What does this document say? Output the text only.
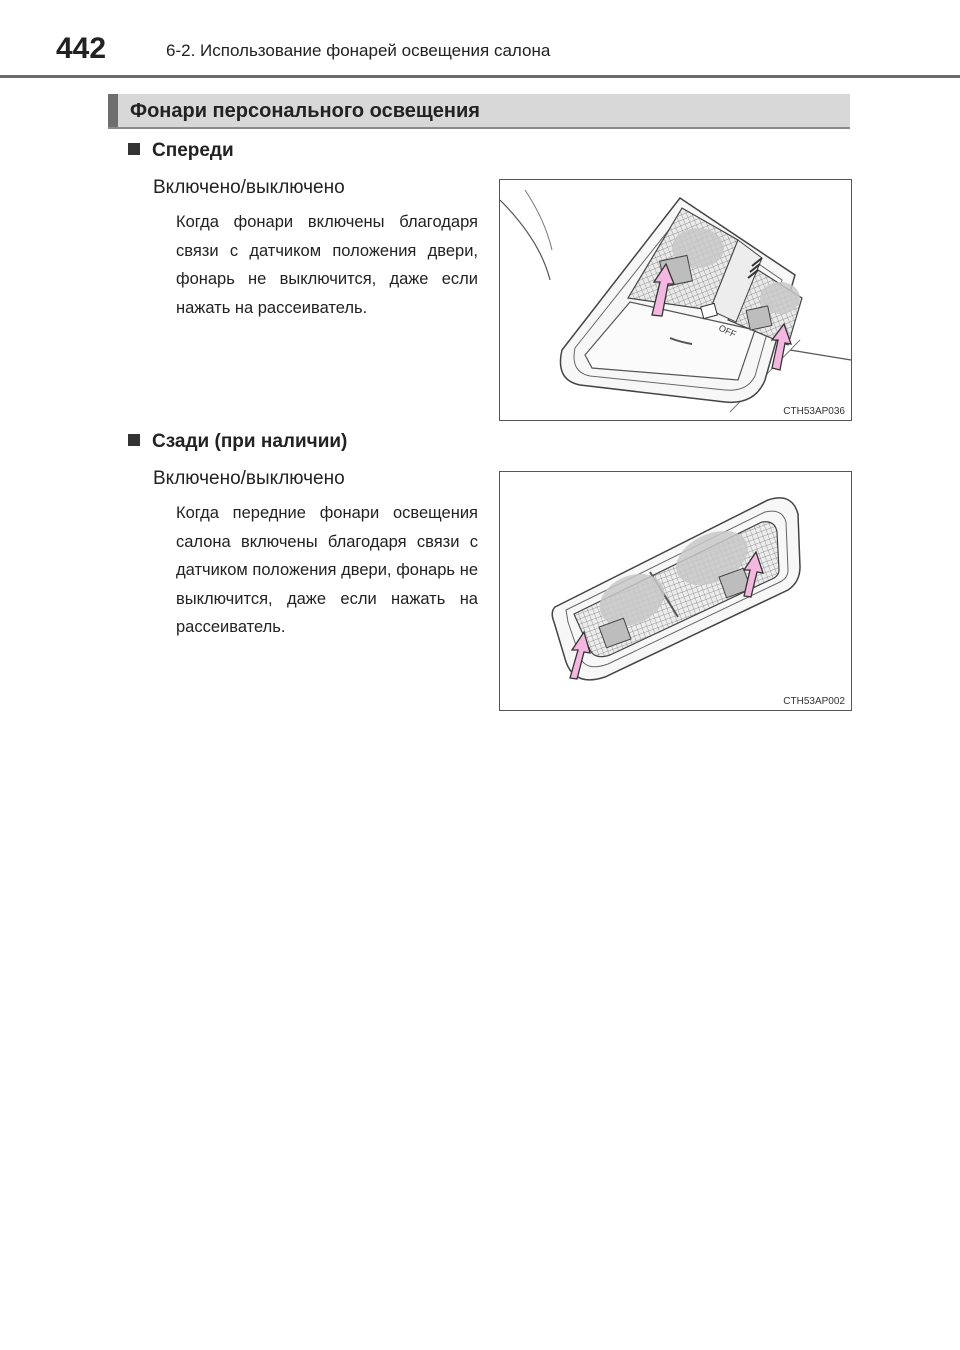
442	6-2. Использование фонарей освещения салона
Фонари персонального освещения
Спереди
Включено/выключено

Когда фонари включены благодаря связи с датчиком положения двери, фонарь не выключится, даже если нажать на рассеиватель.

OFF
CTH53AP036
Сзади (при наличии)
Включено/выключено

Когда передние фонари освещения салона включены благодаря связи с датчиком положения двери, фонарь не выключится, даже если нажать на рассеиватель.

CTH53AP002
